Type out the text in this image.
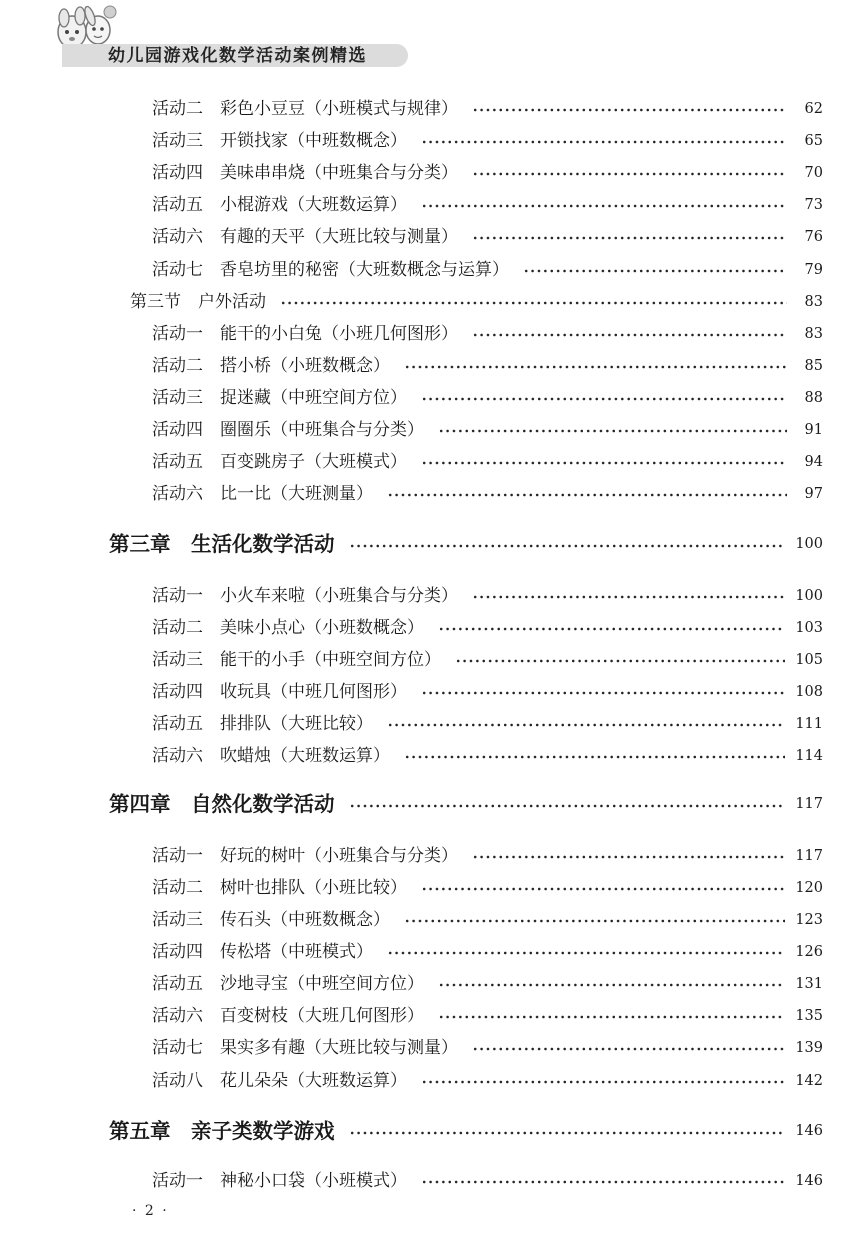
幼儿园游戏化数学活动案例精选
活动二　彩色小豆豆（小班模式与规律）	62
活动三　开锁找家（中班数概念）	65
活动四　美味串串烧（中班集合与分类）	70
活动五　小棍游戏（大班数运算）	73
活动六　有趣的天平（大班比较与测量）	76
活动七　香皂坊里的秘密（大班数概念与运算）	79
第三节　户外活动	83
活动一　能干的小白兔（小班几何图形）	83
活动二　搭小桥（小班数概念）	85
活动三　捉迷藏（中班空间方位）	88
活动四　圈圈乐（中班集合与分类）	91
活动五　百变跳房子（大班模式）	94
活动六　比一比（大班测量）	97
第三章　生活化数学活动	100
活动一　小火车来啦（小班集合与分类）	100
活动二　美味小点心（小班数概念）	103
活动三　能干的小手（中班空间方位）	105
活动四　收玩具（中班几何图形）	108
活动五　排排队（大班比较）	111
活动六　吹蜡烛（大班数运算）	114
第四章　自然化数学活动	117
活动一　好玩的树叶（小班集合与分类）	117
活动二　树叶也排队（小班比较）	120
活动三　传石头（中班数概念）	123
活动四　传松塔（中班模式）	126
活动五　沙地寻宝（中班空间方位）	131
活动六　百变树枝（大班几何图形）	135
活动七　果实多有趣（大班比较与测量）	139
活动八　花儿朵朵（大班数运算）	142
第五章　亲子类数学游戏	146
活动一　神秘小口袋（小班模式）	146
· 2 ·
